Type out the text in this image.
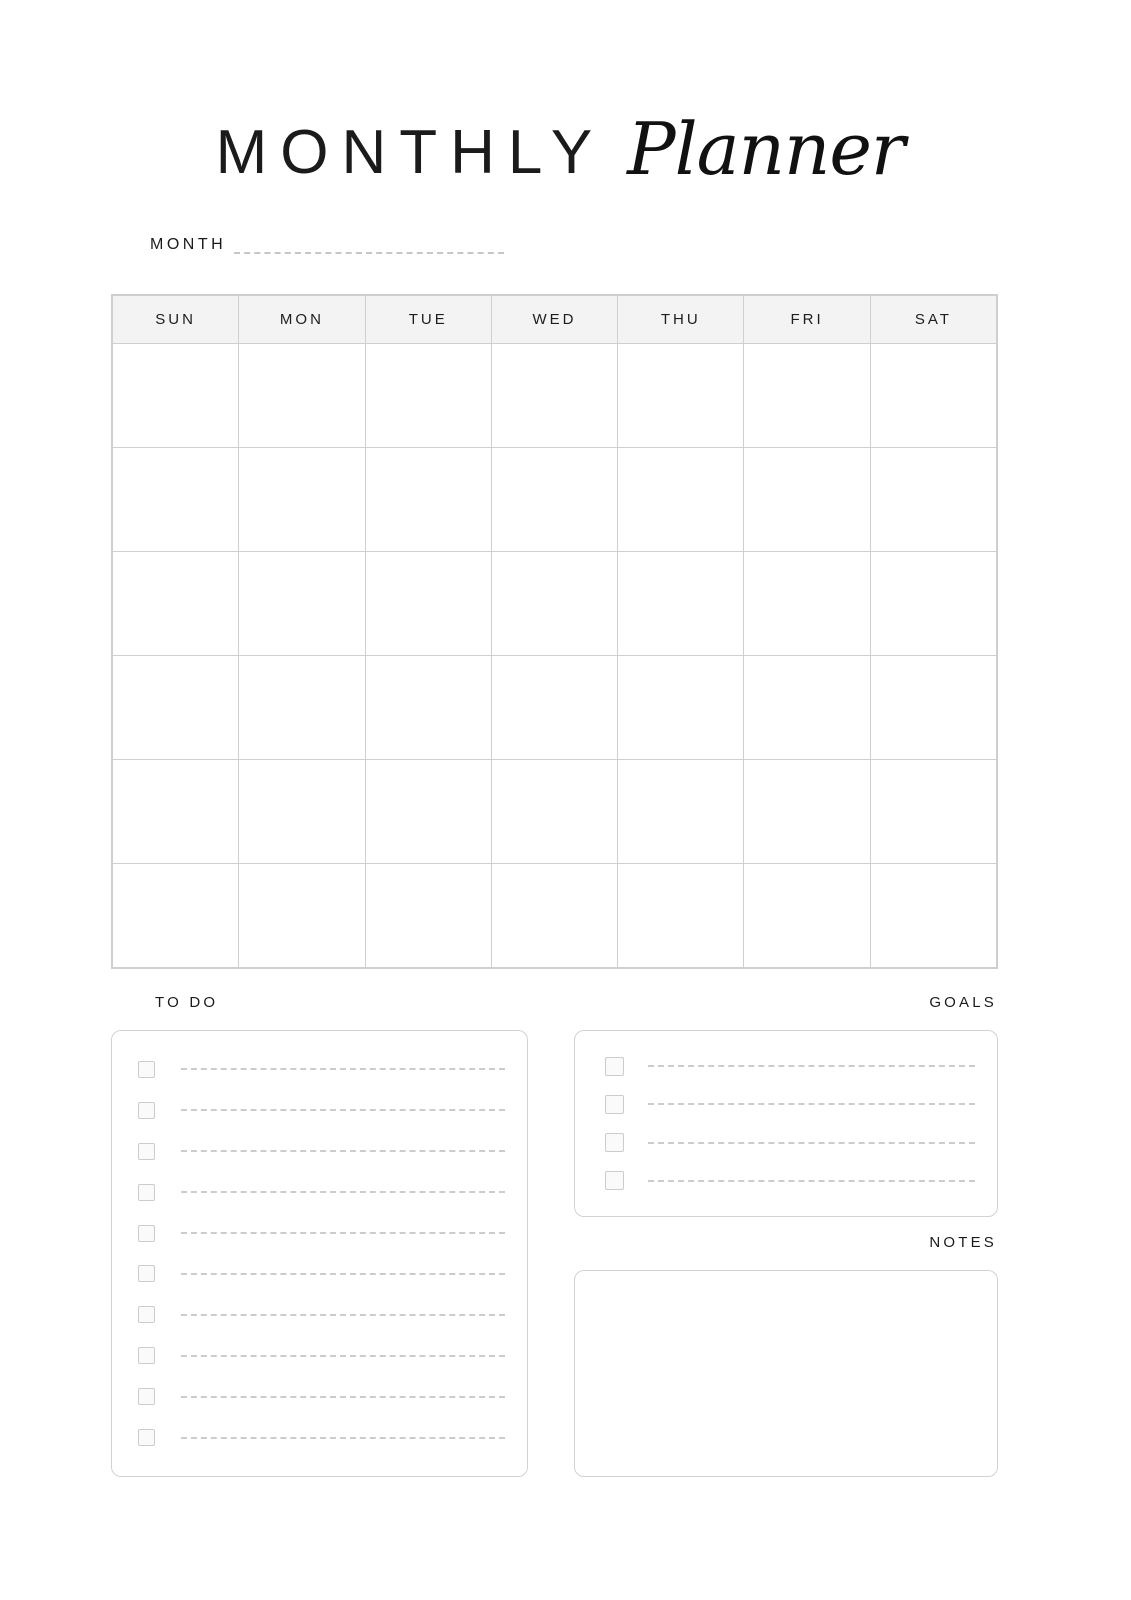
MONTHLY Planner
MONTH
SUN	MON	TUE	WED	THU	FRI	SAT

TO DO	GOALS
NOTES
